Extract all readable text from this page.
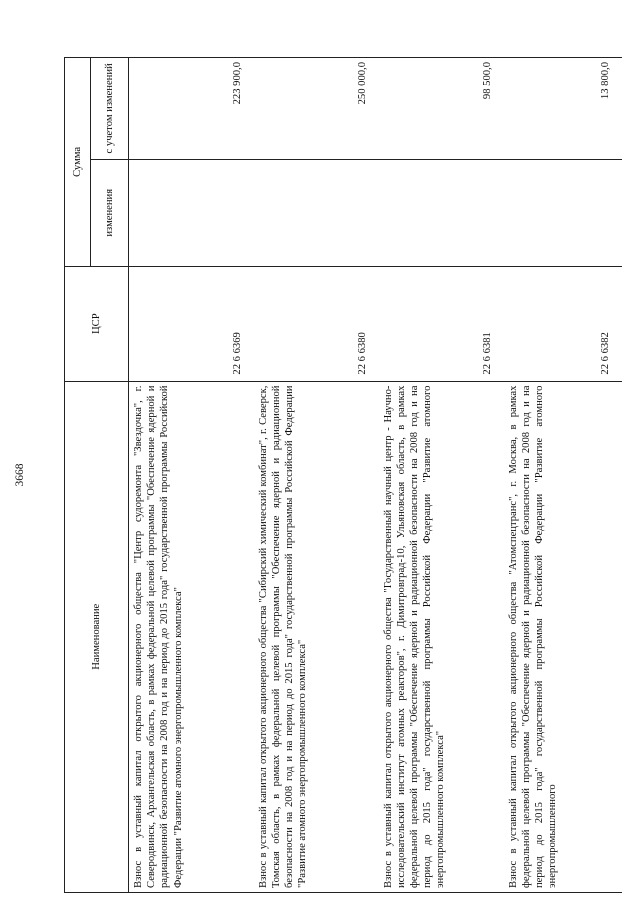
3668
Наименование	ЦСР	Сумма	
		изменения	с учетом изменений
Взнос в уставный капитал открытого акционерного общества "Центр судоремонта "Звездочка", г. Северодвинск, Архангельская область, в рамках федеральной целевой программы "Обеспечение ядерной и радиационной безопасности на 2008 год и на период до 2015 года" государственной программы Российской Федерации "Развитие атомного энергопромышленного комплекса"	22 6 6369		223 900,0
Взнос в уставный капитал открытого акционерного общества "Сибирский химический комбинат", г. Северск, Томская область, в рамках федеральной целевой программы "Обеспечение ядерной и радиационной безопасности на 2008 год и на период до 2015 года" государственной программы Российской Федерации "Развитие атомного энергопромышленного комплекса"	22 6 6380		250 000,0
Взнос в уставный капитал открытого акционерного общества "Государственный научный центр - Научно-исследовательский институт атомных реакторов", г. Димитровград-10, Ульяновская область, в рамках федеральной целевой программы "Обеспечение ядерной и радиационной безопасности на 2008 год и на период до 2015 года" государственной программы Российской Федерации "Развитие атомного энергопромышленного комплекса"	22 6 6381		98 500,0
Взнос в уставный капитал открытого акционерного общества "Атомспецтранс", г. Москва, в рамках федеральной целевой программы "Обеспечение ядерной и радиационной безопасности на 2008 год и на период до 2015 года" государственной программы Российской Федерации "Развитие атомного энергопромышленного	22 6 6382		13 800,0
